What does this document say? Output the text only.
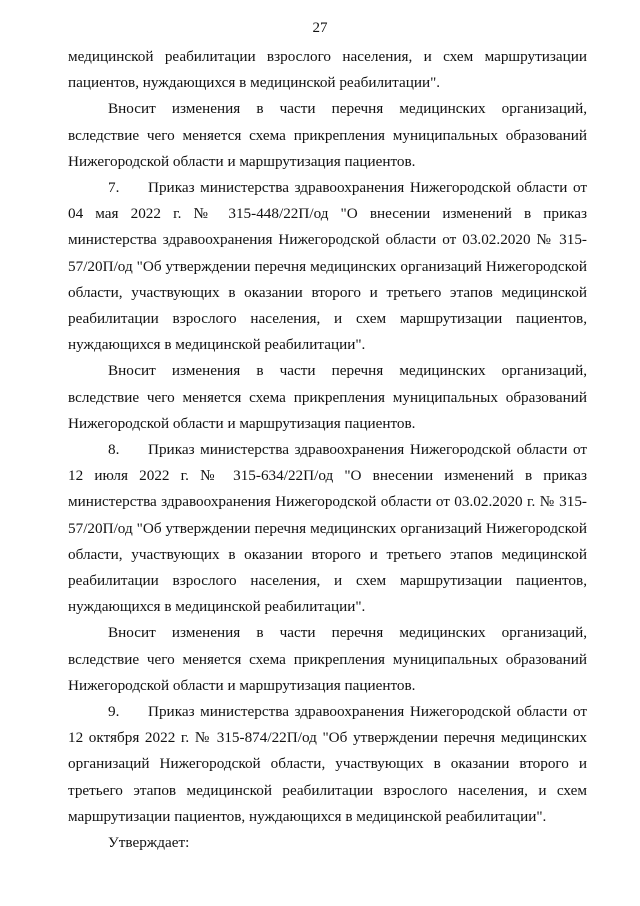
27

медицинской реабилитации взрослого населения, и схем маршрутизации пациентов, нуждающихся в медицинской реабилитации".

Вносит изменения в части перечня медицинских организаций, вследствие чего меняется схема прикрепления муниципальных образований Нижегородской области и маршрутизация пациентов.

7. Приказ министерства здравоохранения Нижегородской области от 04 мая 2022 г. № 315-448/22П/од "О внесении изменений в приказ министерства здравоохранения Нижегородской области от 03.02.2020 № 315-57/20П/од "Об утверждении перечня медицинских организаций Нижегородской области, участвующих в оказании второго и третьего этапов медицинской реабилитации взрослого населения, и схем маршрутизации пациентов, нуждающихся в медицинской реабилитации".

Вносит изменения в части перечня медицинских организаций, вследствие чего меняется схема прикрепления муниципальных образований Нижегородской области и маршрутизация пациентов.

8. Приказ министерства здравоохранения Нижегородской области от 12 июля 2022 г. № 315-634/22П/од "О внесении изменений в приказ министерства здравоохранения Нижегородской области от 03.02.2020 г. № 315-57/20П/од "Об утверждении перечня медицинских организаций Нижегородской области, участвующих в оказании второго и третьего этапов медицинской реабилитации взрослого населения, и схем маршрутизации пациентов, нуждающихся в медицинской реабилитации".

Вносит изменения в части перечня медицинских организаций, вследствие чего меняется схема прикрепления муниципальных образований Нижегородской области и маршрутизация пациентов.

9. Приказ министерства здравоохранения Нижегородской области от 12 октября 2022 г. № 315-874/22П/од "Об утверждении перечня медицинских организаций Нижегородской области, участвующих в оказании второго и третьего этапов медицинской реабилитации взрослого населения, и схем маршрутизации пациентов, нуждающихся в медицинской реабилитации".

Утверждает:
